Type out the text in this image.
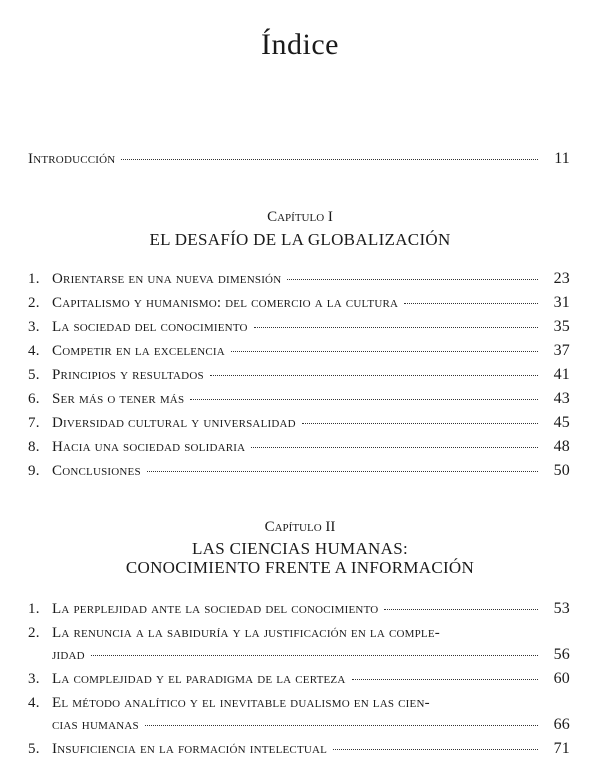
Índice
Introducción	11
Capítulo I
EL DESAFÍO DE LA GLOBALIZACIÓN
1. Orientarse en una nueva dimensión	23
2. Capitalismo y humanismo: del comercio a la cultura	31
3. La sociedad del conocimiento	35
4. Competir en la excelencia	37
5. Principios y resultados	41
6. Ser más o tener más	43
7. Diversidad cultural y universalidad	45
8. Hacia una sociedad solidaria	48
9. Conclusiones	50
Capítulo II
LAS CIENCIAS HUMANAS:
CONOCIMIENTO FRENTE A INFORMACIÓN
1. La perplejidad ante la sociedad del conocimiento	53
2. La renuncia a la sabiduría y la justificación en la comple-
jidad	56
3. La complejidad y el paradigma de la certeza	60
4. El método analítico y el inevitable dualismo en las cien-
cias humanas	66
5. Insuficiencia en la formación intelectual	71
